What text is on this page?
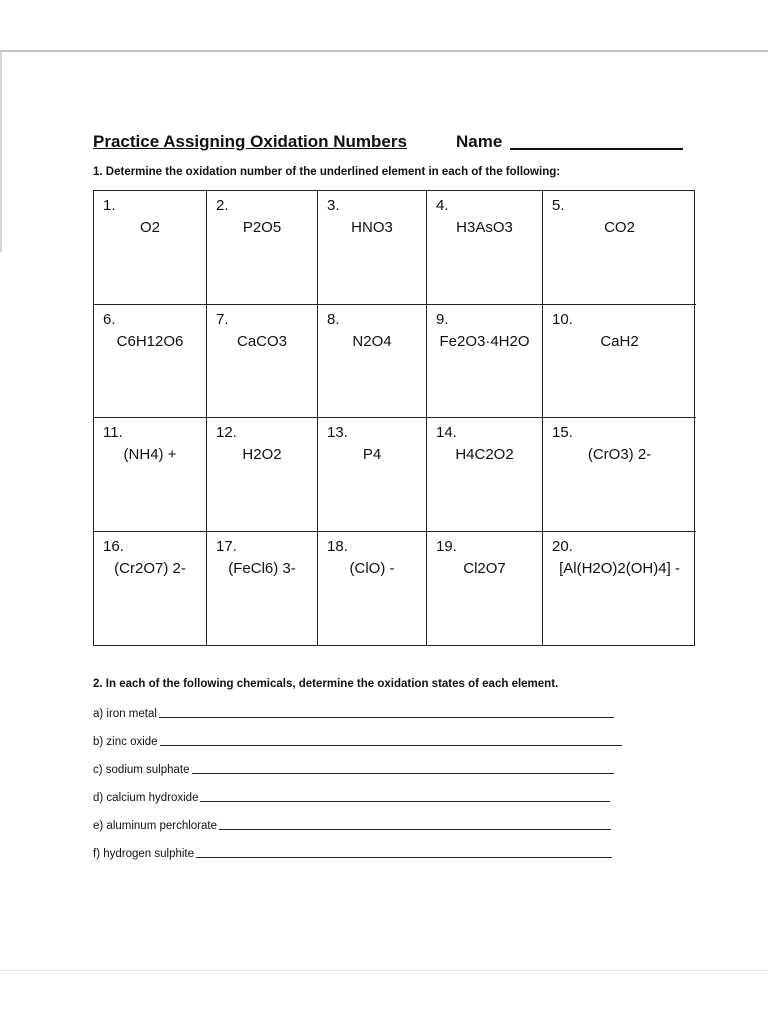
Practice Assigning Oxidation Numbers	Name
1. Determine the oxidation number of the underlined element in each of the following:
1.
O2
2.
P2O5
3.
HNO3
4.
H3AsO3
5.
CO2
6.
C6H12O6
7.
CaCO3
8.
N2O4
9.
Fe2O3·4H2O
10.
CaH2
11.
(NH4) +
12.
H2O2
13.
P4
14.
H4C2O2
15.
(CrO3) 2-
16.
(Cr2O7) 2-
17.
(FeCl6) 3-
18.
(ClO) -
19.
Cl2O7
20.
[Al(H2O)2(OH)4] -
2. In each of the following chemicals, determine the oxidation states of each element.
a) iron metal
b) zinc oxide
c) sodium sulphate
d) calcium hydroxide
e) aluminum perchlorate
f) hydrogen sulphite
